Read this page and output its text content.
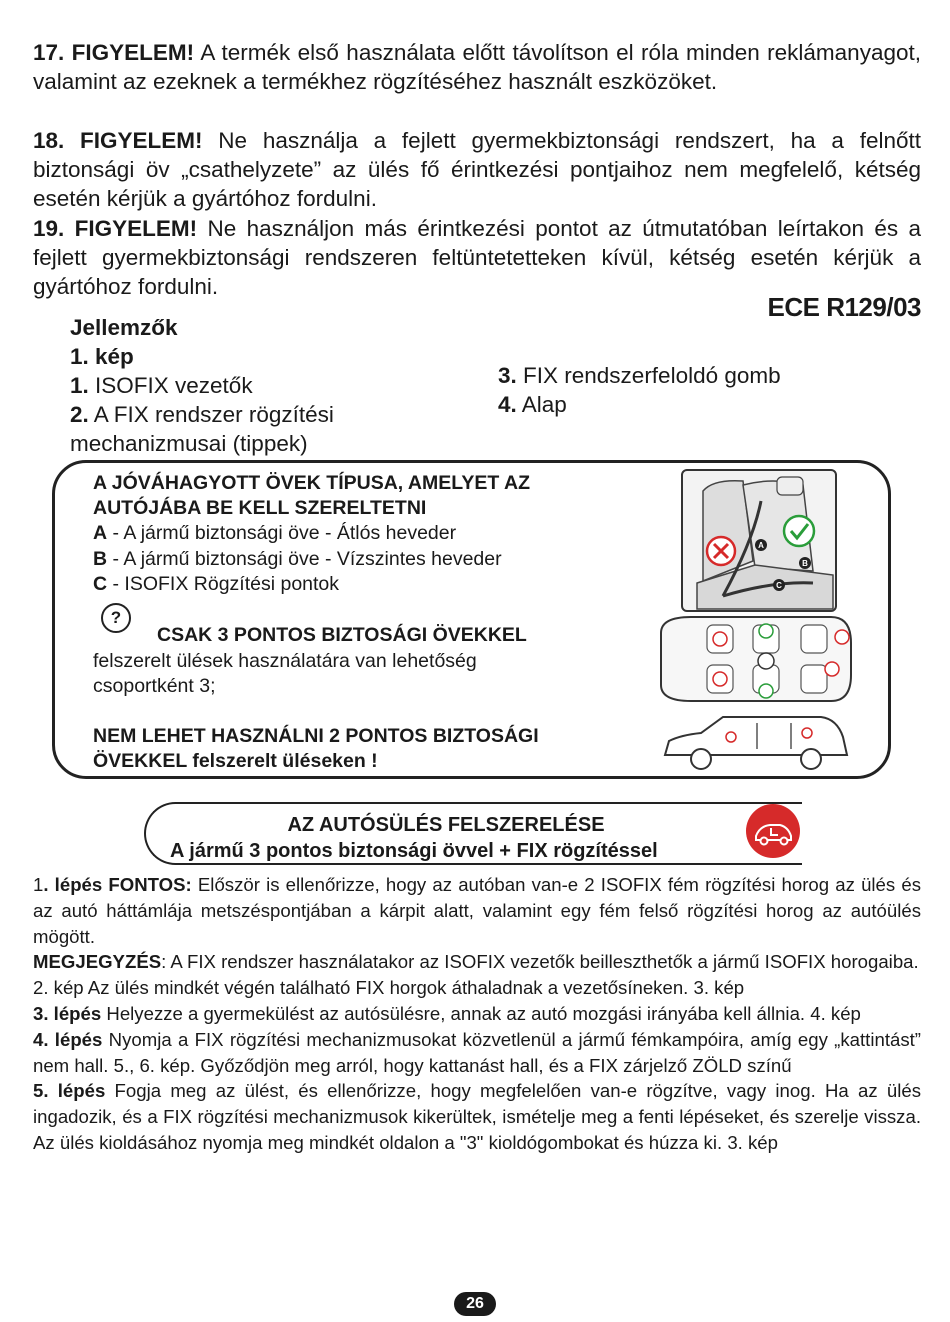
17. FIGYELEM! A termék első használata előtt távolítson el róla minden reklámanyagot, valamint az ezeknek a termékhez rögzítéséhez használt eszközöket.
18. FIGYELEM! Ne használja a fejlett gyermekbiztonsági rendszert, ha a felnőtt biztonsági öv „csathelyzete” az ülés fő érintkezési pontjaihoz nem megfelelő, kétség esetén kérjük a gyártóhoz fordulni.
19. FIGYELEM! Ne használjon más érintkezési pontot az útmutatóban leírtakon és a fejlett gyermekbiztonsági rendszeren feltüntetetteken kívül, kétség esetén kérjük a gyártóhoz fordulni.
ECE R129/03
Jellemzők
1. kép
1. ISOFIX vezetők
2. A FIX rendszer rögzítési mechanizmusai (tippek)
3. FIX rendszerfeloldó gomb
4. Alap
A JÓVÁHAGYOTT ÖVEK TÍPUSA, AMELYET AZ
AUTÓJÁBA BE KELL SZERELTETNI
A - A jármű biztonsági öve - Átlós heveder
B - A jármű biztonsági öve - Vízszintes heveder
C - ISOFIX Rögzítési pontok
?
CSAK 3 PONTOS BIZTOSÁGI ÖVEKKEL
felszerelt ülések használatára van lehetőség
csoportként 3;
NEM LEHET HASZNÁLNI 2 PONTOS BIZTOSÁGI
ÖVEKKEL felszerelt üléseken !
A
B
C
AZ AUTÓSÜLÉS FELSZERELÉSE
A jármű 3 pontos biztonsági övvel + FIX rögzítéssel

1. lépés FONTOS: Először is ellenőrizze, hogy az autóban van-e 2 ISOFIX fém rögzítési horog az ülés és az autó háttámlája metszéspontjában a kárpit alatt, valamint egy fém felső rögzítési horog az autóülés mögött.

MEGJEGYZÉS: A FIX rendszer használatakor az ISOFIX vezetők beilleszthetők a jármű ISOFIX horogaiba.

2. kép Az ülés mindkét végén található FIX horgok áthaladnak a vezetősíneken. 3. kép

3. lépés Helyezze a gyermekülést az autósülésre, annak az autó mozgási irányába kell állnia. 4. kép

4. lépés Nyomja a FIX rögzítési mechanizmusokat közvetlenül a jármű fémkampóira, amíg egy „kattintást” nem hall. 5., 6. kép. Győződjön meg arról, hogy kattanást hall, és a FIX zárjelző ZÖLD színű

5. lépés Fogja meg az ülést, és ellenőrizze, hogy megfelelően van-e rögzítve, vagy inog. Ha az ülés ingadozik, és a FIX rögzítési mechanizmusok kikerültek, ismételje meg a fenti lépéseket, és szerelje vissza. Az ülés kioldásához nyomja meg mindkét oldalon a "3" kioldógombokat és húzza ki. 3. kép

26
